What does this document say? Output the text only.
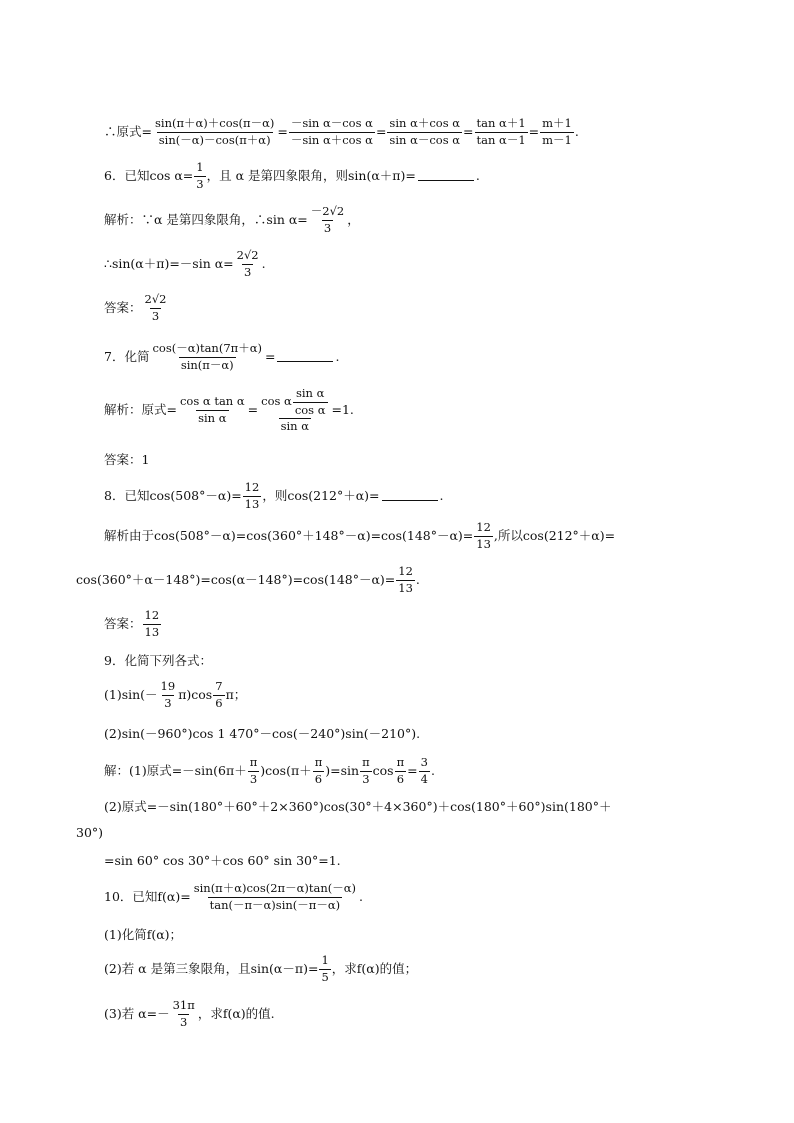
∴原式= $\frac{\sin(\pi+\alpha)+\cos(\pi-\alpha)}{\sin(-\alpha)-\cos(\pi+\alpha)} = \frac{\text{－sin α－cos α}}{\text{－sin α＋cos α}} = \frac{\text{sin α＋cos α}}{\text{sin α－cos α}} = \frac{\text{tan α＋1}}{\text{tan α－1}} = \frac{m+1}{m-1}$ .
6．已知$\cos \alpha= \frac{1}{3}$ ，且 α 是第四象限角，则sin(α＋π)=	.
解析：∵α 是第四象限角，∴sin $\alpha= \frac{-2√2}{3}$ ，
∴sin(α＋π)=－sin $\alpha= \frac{2√2}{3}$ .
答案： $\frac{2√2}{3}$
7．化简 $\frac{\cos(-\alpha)\tan(7\pi+\alpha)}{\sin(\pi-\alpha)}$ =	.
解析：原式= $\frac{\text{cos α tan α}}{\text{sin α}} = \frac{\cos \alpha \frac{\text{sin α}}{\text{cos α}}}{\text{sin α}} =1$.
答案：1
8．已知$\cos(508^\circ-\alpha)= \frac{12}{13}$ ，则cos(212°＋α)=	.
解析由于$\cos(508^\circ-\alpha)=\cos(360^\circ+148^\circ-\alpha)=\cos(148^\circ-\alpha)= \frac{12}{13}$ ,所以cos(212°＋α)=
$\cos(360^\circ+\alpha-148^\circ)=\cos(\alpha-148^\circ)=\cos(148^\circ-\alpha)= \frac{12}{13}$ .
答案： $\frac{12}{13}$
9．化简下列各式：
$(1)\sin(- \frac{19}{3} \pi)\cos \frac{7}{6}$ π；
(2)sin(－960°)cos 1 470°－cos(－240°)sin(－210°).
解：(1)原式$=-\sin(6\pi+ \frac{\pi}{3} )\cos(\pi+ \frac{\pi}{6} )=\sin \frac{\pi}{3}$ $\cos \frac{\pi}{6} = \frac{3}{4}$ .
(2)原式=－sin(180°＋60°＋2×360°)cos(30°＋4×360°)＋cos(180°＋60°)sin(180°＋
30°)
=sin 60° cos 30°＋cos 60° sin 30°=1.
10．已知$f(\alpha)= \frac{\sin(\pi+\alpha)\cos(2\pi-\alpha)\tan(-\alpha)}{\tan(-\pi-\alpha)\sin(-\pi-\alpha)}$ .
(1)化简f(α)；
(2)若 α 是第三象限角，且$\sin(\alpha-\pi)= \frac{1}{5}$ ，求f(α)的值；
(3)若 $\alpha=- \frac{31\pi}{3}$ ，求f(α)的值.
